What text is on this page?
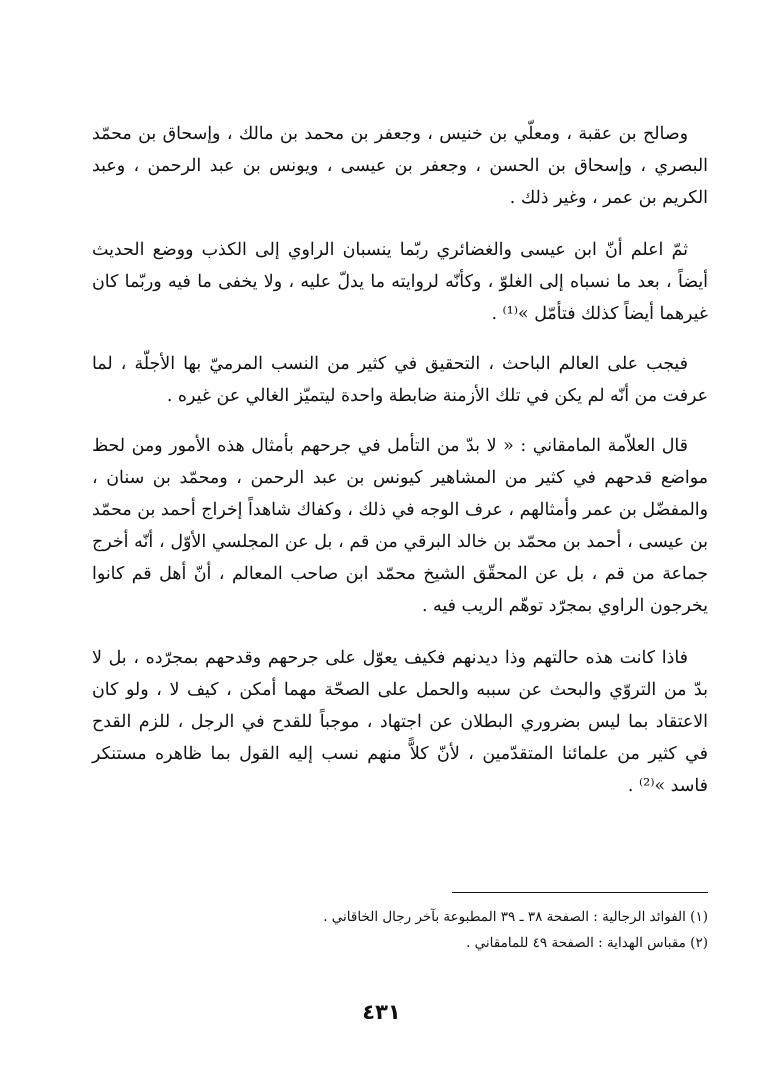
وصالح بن عقبة ، ومعلّي بن خنيس ، وجعفر بن محمد بن مالك ، وإسحاق بن محمّد البصري ، وإسحاق بن الحسن ، وجعفر بن عيسى ، ويونس بن عبد الرحمن ، وعبد الكريم بن عمر ، وغير ذلك .

ثمّ اعلم أنّ ابن عيسى والغضائري ربّما ينسبان الراوي إلى الكذب ووضع الحديث أيضاً ، بعد ما نسباه إلى الغلوّ ، وكأنّه لروايته ما يدلّ عليه ، ولا يخفى ما فيه وربّما كان غيرهما أيضاً كذلك فتأمّل »⁽¹⁾ .

فيجب على العالم الباحث ، التحقيق في كثير من النسب المرميّ بها الأجلّة ، لما عرفت من أنّه لم يكن في تلك الأزمنة ضابطة واحدة ليتميّز الغالي عن غيره .

قال العلاّمة المامقاني : « لا بدّ من التأمل في جرحهم بأمثال هذه الأمور ومن لحظ مواضع قدحهم في كثير من المشاهير كيونس بن عبد الرحمن ، ومحمّد بن سنان ، والمفضّل بن عمر وأمثالهم ، عرف الوجه في ذلك ، وكفاك شاهداً إخراج أحمد بن محمّد بن عيسى ، أحمد بن محمّد بن خالد البرقي من قم ، بل عن المجلسي الأوّل ، أنّه أخرج جماعة من قم ، بل عن المحقّق الشيخ محمّد ابن صاحب المعالم ، أنّ أهل قم كانوا يخرجون الراوي بمجرّد توهّم الريب فيه .

فاذا كانت هذه حالتهم وذا ديدنهم فكيف يعوّل على جرحهم وقدحهم بمجرّده ، بل لا بدّ من التروّي والبحث عن سببه والحمل على الصحّة مهما أمكن ، كيف لا ، ولو كان الاعتقاد بما ليس بضروري البطلان عن اجتهاد ، موجباً للقدح في الرجل ، للزم القدح في كثير من علمائنا المتقدّمين ، لأنّ كلاًّ منهم نسب إليه القول بما ظاهره مستنكر فاسد »⁽²⁾ .

(١) الفوائد الرجالية : الصفحة ٣٨ ـ ٣٩ المطبوعة بآخر رجال الخاقاني .

(٢) مقباس الهداية : الصفحة ٤٩ للمامقاني .

٤٣١
